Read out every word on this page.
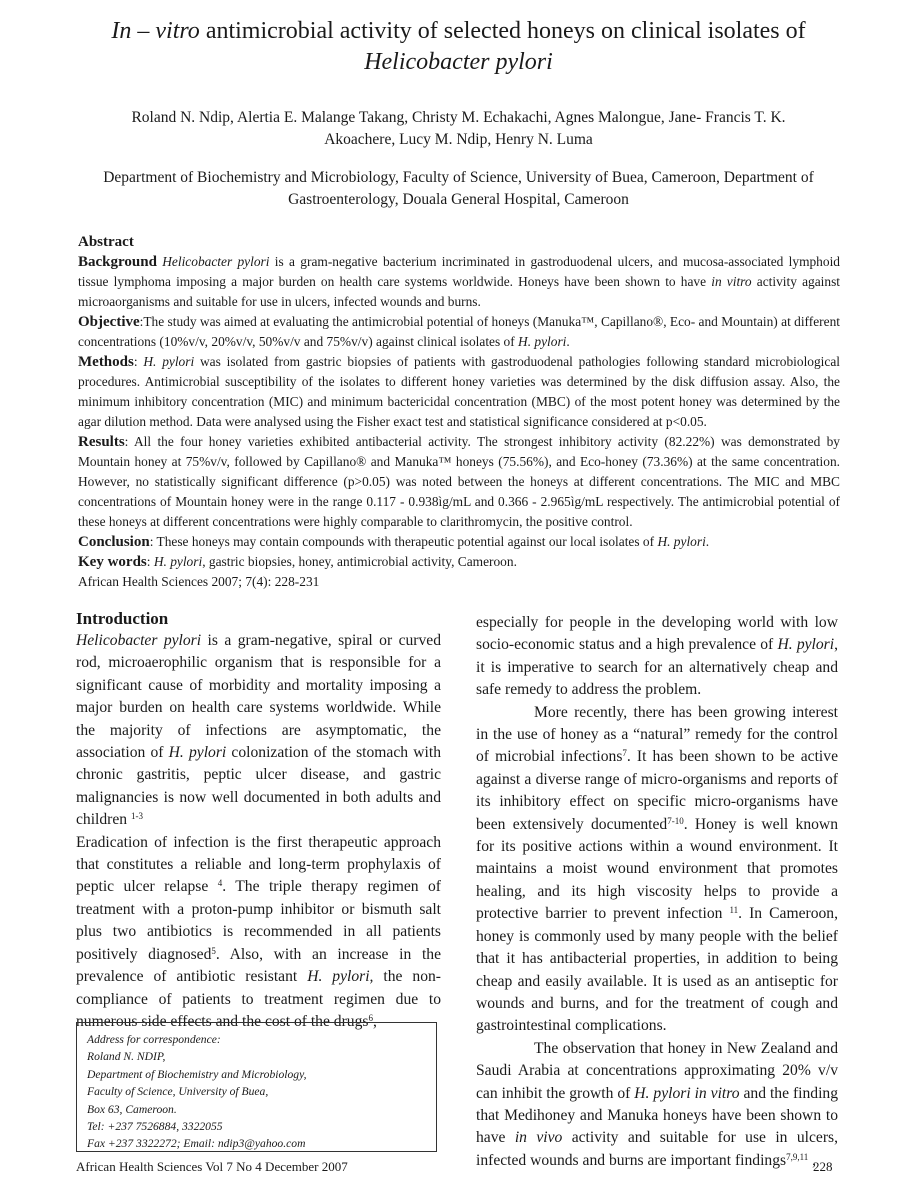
In – vitro antimicrobial activity of selected honeys on clinical isolates of
Helicobacter pylori
Roland N. Ndip, Alertia E. Malange Takang, Christy M. Echakachi, Agnes Malongue, Jane- Francis T. K. Akoachere, Lucy M. Ndip, Henry N. Luma
Department of Biochemistry and Microbiology, Faculty of Science, University of Buea, Cameroon, Department of Gastroenterology, Douala General Hospital, Cameroon

Abstract

Background Helicobacter pylori is a gram-negative bacterium incriminated in gastroduodenal ulcers, and mucosa-associated lymphoid tissue lymphoma imposing a major burden on health care systems worldwide. Honeys have been shown to have in vitro activity against microaorganisms and suitable for use in ulcers, infected wounds and burns.

Objective:The study was aimed at evaluating the antimicrobial potential of honeys (Manuka™, Capillano®, Eco- and Mountain) at different concentrations (10%v/v, 20%v/v, 50%v/v and 75%v/v) against clinical isolates of H. pylori.

Methods: H. pylori was isolated from gastric biopsies of patients with gastroduodenal pathologies following standard microbiological procedures. Antimicrobial susceptibility of the isolates to different honey varieties was determined by the disk diffusion assay. Also, the minimum inhibitory concentration (MIC) and minimum bactericidal concentration (MBC) of the most potent honey was determined by the agar dilution method. Data were analysed using the Fisher exact test and statistical significance considered at p<0.05.

Results: All the four honey varieties exhibited antibacterial activity. The strongest inhibitory activity (82.22%) was demonstrated by Mountain honey at 75%v/v, followed by Capillano® and Manuka™ honeys (75.56%), and Eco-honey (73.36%) at the same concentration. However, no statistically significant difference (p>0.05) was noted between the honeys at different concentrations. The MIC and MBC concentrations of Mountain honey were in the range 0.117 - 0.938ìg/mL and 0.366 - 2.965ìg/mL respectively. The antimicrobial potential of these honeys at different concentrations were highly comparable to clarithromycin, the positive control.

Conclusion: These honeys may contain compounds with therapeutic potential against our local isolates of H. pylori.

Key words: H. pylori, gastric biopsies, honey, antimicrobial activity, Cameroon.

African Health Sciences 2007; 7(4): 228-231

Introduction

Helicobacter pylori is a gram-negative, spiral or curved rod, microaerophilic organism that is responsible for a significant cause of morbidity and mortality imposing a major burden on health care systems worldwide. While the majority of infections are asymptomatic, the association of H. pylori colonization of the stomach with chronic gastritis, peptic ulcer disease, and gastric malignancies is now well documented in both adults and children $^{1-3}$

Eradication of infection is the first therapeutic approach that constitutes a reliable and long-term prophylaxis of peptic ulcer relapse $^4$. The triple therapy regimen of treatment with a proton-pump inhibitor or bismuth salt plus two antibiotics is recommended in all patients positively diagnosed$^5$. Also, with an increase in the prevalence of antibiotic resistant H. pylori, the non-compliance of patients to treatment regimen due to numerous side effects and the cost of the drugs$^6$,

Address for correspondence:
Roland N. NDIP,
Department of Biochemistry and Microbiology,
Faculty of Science, University of Buea,
Box 63, Cameroon.
Tel: +237 7526884, 3322055
Fax +237 3322272; Email: ndip3@yahoo.com

especially for people in the developing world with low socio-economic status and a high prevalence of H. pylori, it is imperative to search for an alternatively cheap and safe remedy to address the problem.

More recently, there has been growing interest in the use of honey as a “natural” remedy for the control of microbial infections$^7$. It has been shown to be active against a diverse range of micro-organisms and reports of its inhibitory effect on specific micro-organisms have been extensively documented$^{7-10}$. Honey is well known for its positive actions within a wound environment. It maintains a moist wound environment that promotes healing, and its high viscosity helps to provide a protective barrier to prevent infection $^{11}$. In Cameroon, honey is commonly used by many people with the belief that it has antibacterial properties, in addition to being cheap and easily available. It is used as an antiseptic for wounds and burns, and for the treatment of cough and gastrointestinal complications.

The observation that honey in New Zealand and Saudi Arabia at concentrations approximating 20% v/v can inhibit the growth of H. pylori in vitro and the finding that Medihoney and Manuka honeys have been shown to have in vivo activity and suitable for use in ulcers, infected wounds and burns are important findings$^{7,9,11}$ ,

African Health Sciences Vol 7 No 4 December 2007	228
